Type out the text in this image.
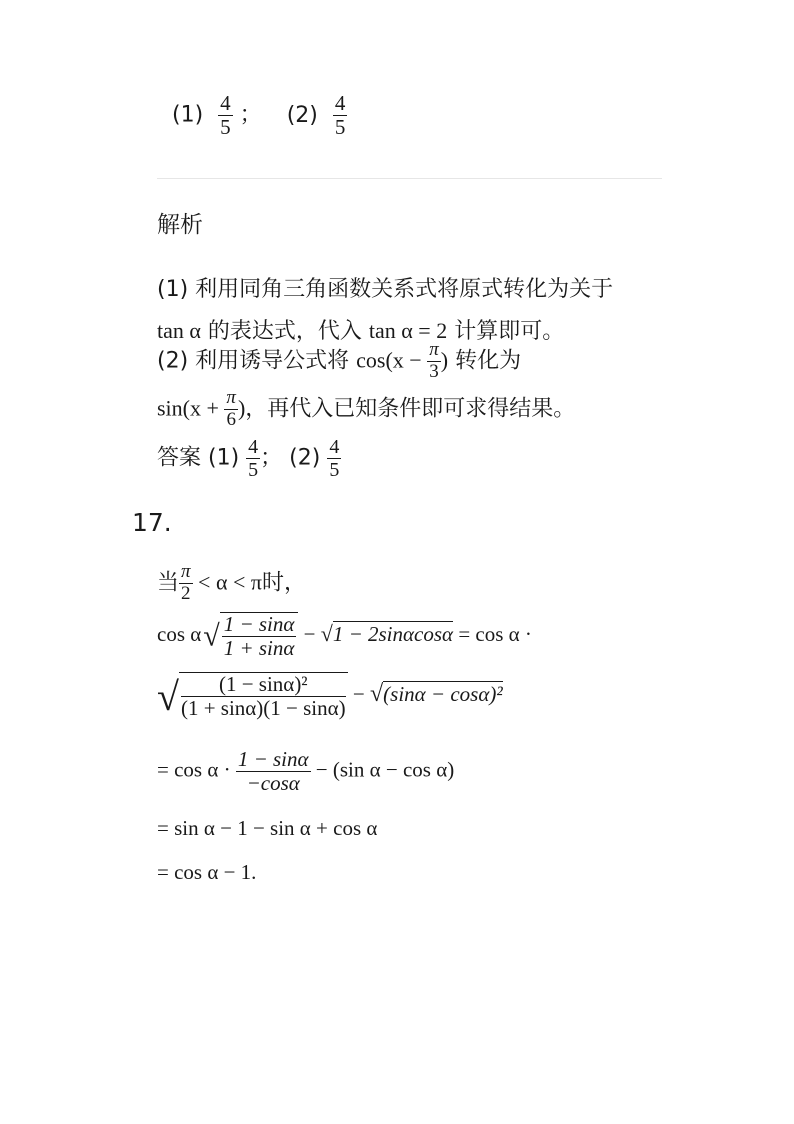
$(1) \frac{4}{5}$ ； $(2) \frac{4}{5}$
解析
(1) 利用同角三角函数关系式将原式转化为关于
tan α 的表达式，代入 tan α = 2 计算即可。
(2) 利用诱导公式将 $\cos(x - \frac{\pi}{3}$ ) 转化为
$\sin(x + \frac{\pi}{6}$ )，再代入已知条件即可求得结果。
答案 $(1) \frac{4}{5}$ ； $(2) \frac{4}{5}$
17.
当 $\frac{\pi}{2} < \alpha < \pi$时，
$\cos \alpha√ \frac{1 - \sin\alpha}{1 + \sin\alpha} - √1 - 2\sin\alpha\cos\alpha = \cos \alpha$ ·
√ $\frac{\text{(1 − sinα)²}}{(1 + \sin\alpha)(1 - \sin\alpha)} - √(\sin\alpha - \cos\alpha)^2$
= $\cos \alpha \cdot \frac{1 - \sin\alpha}{-\cos\alpha} - (\sin$ α − cos α)
= sin α − 1 − sin α + cos α
= cos α − 1.
